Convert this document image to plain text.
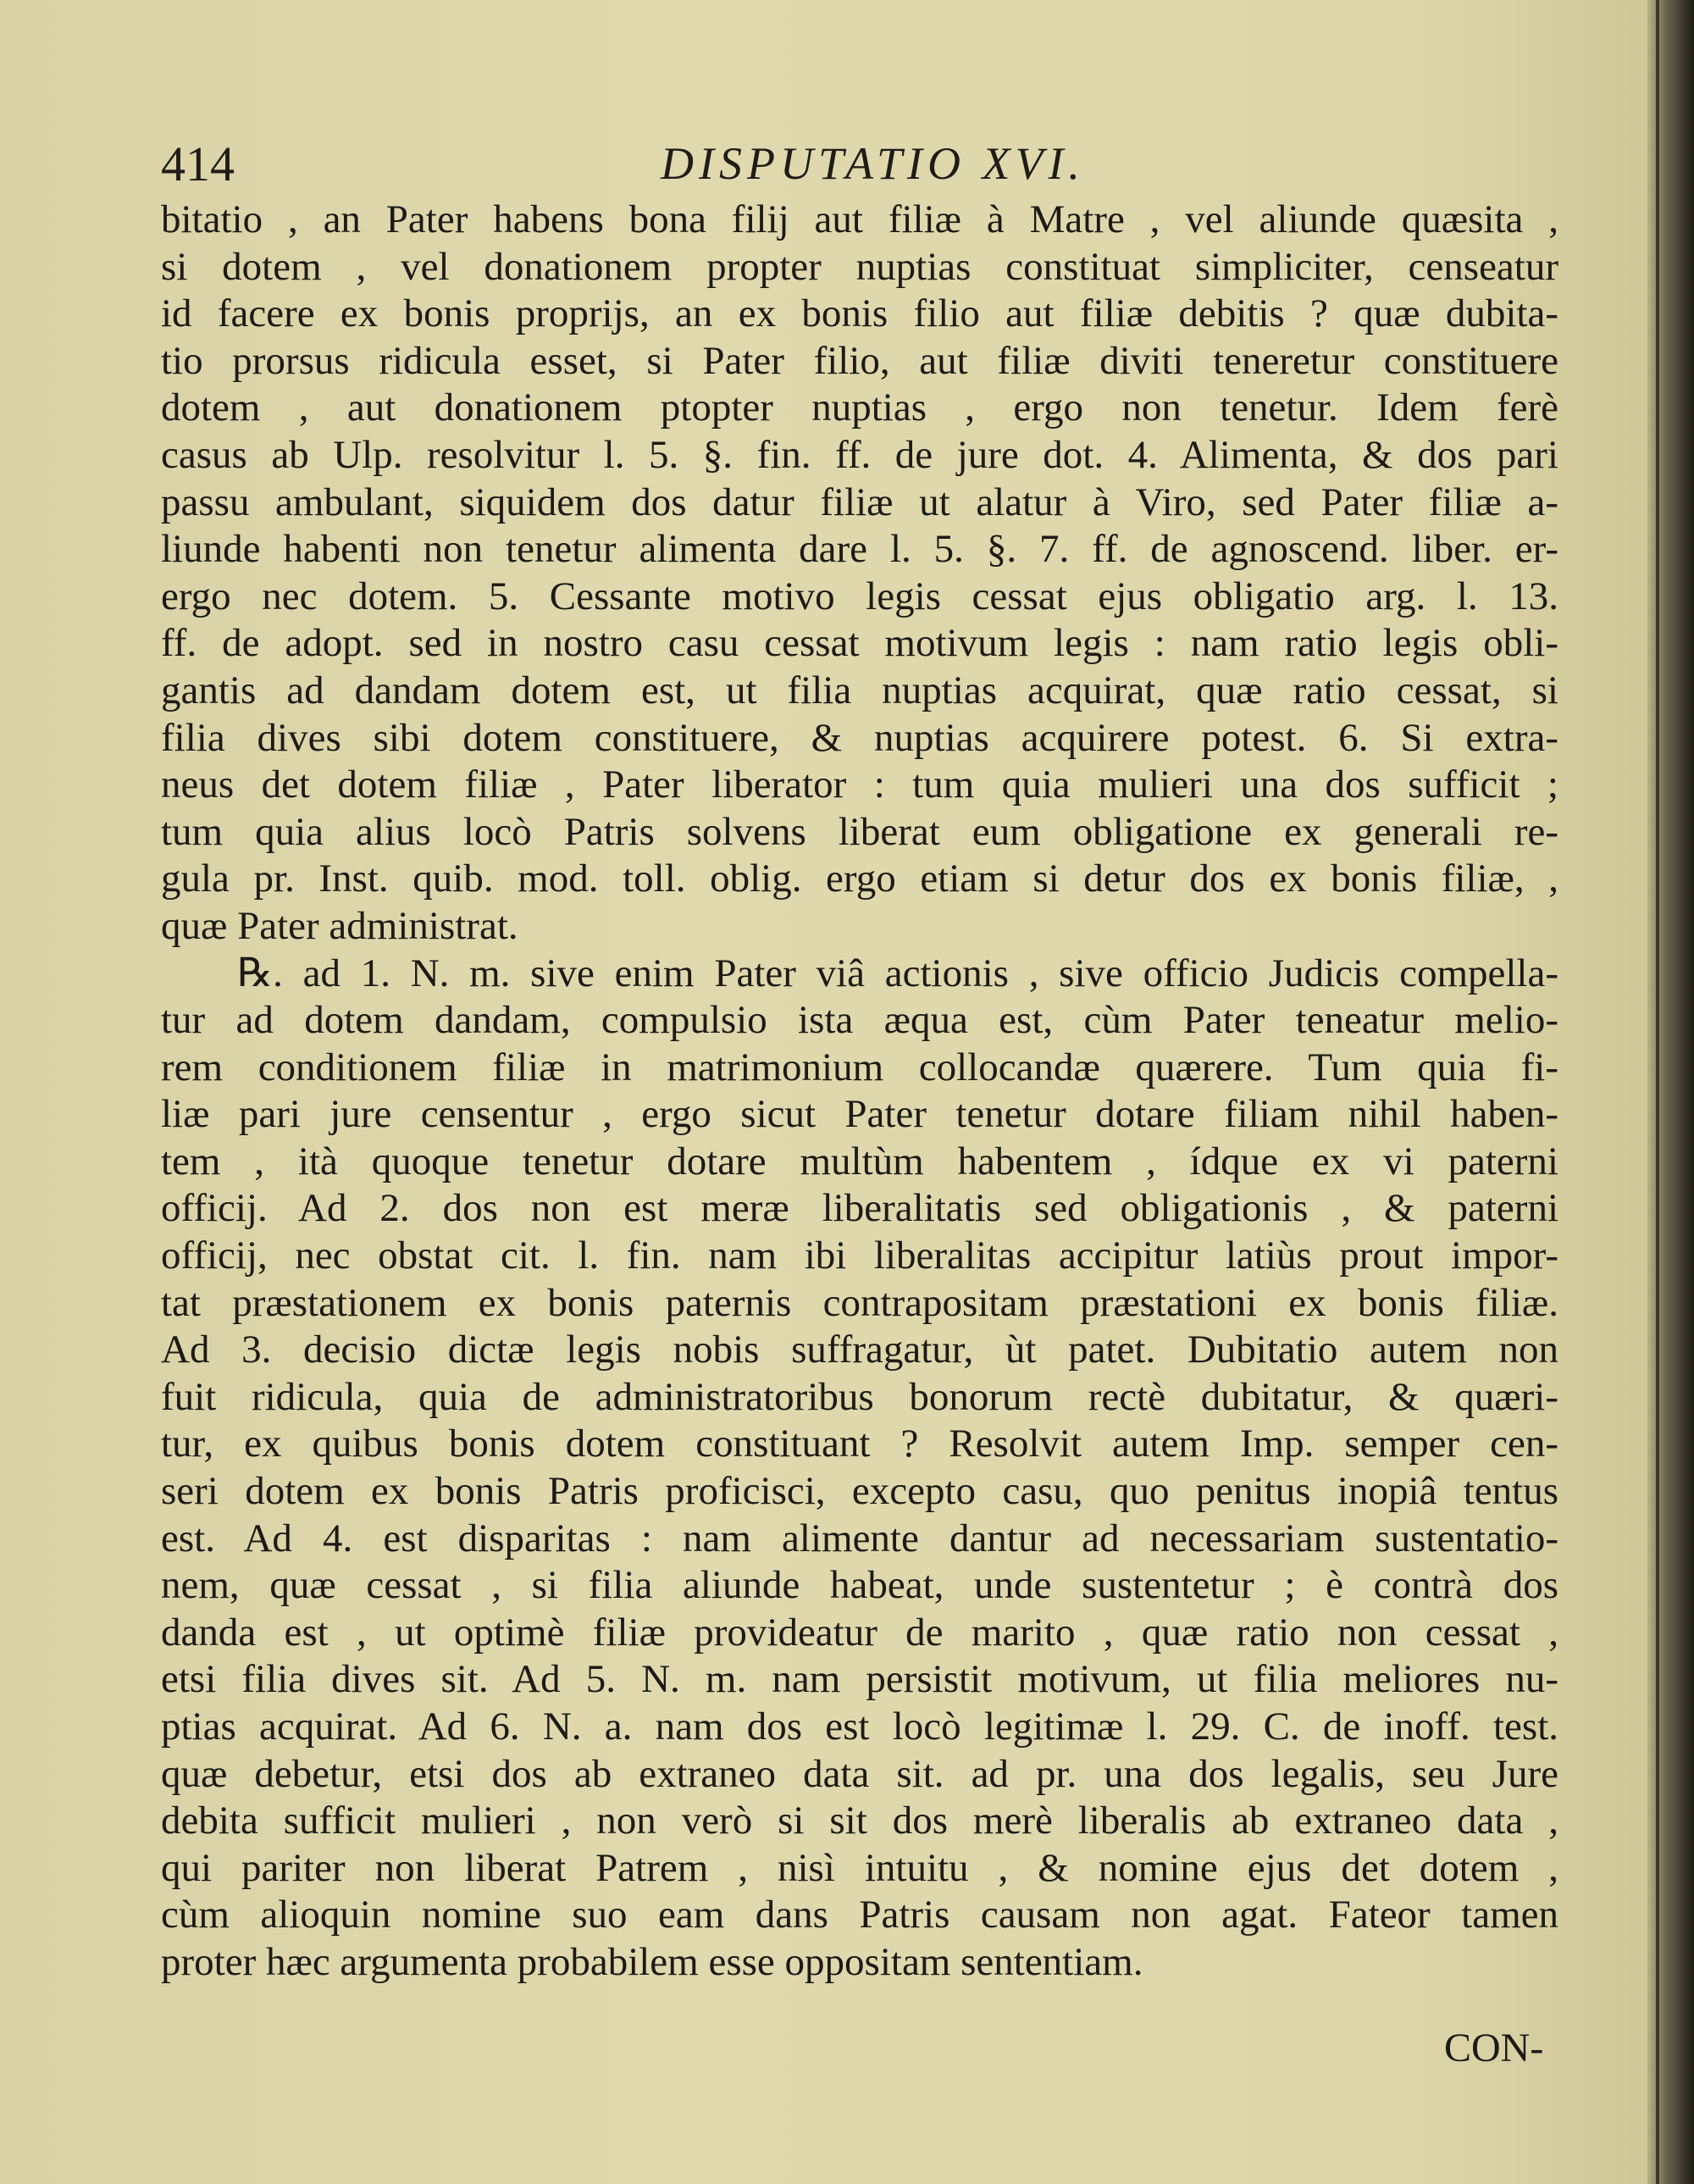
414	DISPUTATIO XVI.
bitatio , an Pater habens bona filij aut filiæ à Matre , vel aliunde quæsita ,
si dotem , vel donationem propter nuptias constituat simpliciter, censeatur
id facere ex bonis proprijs, an ex bonis filio aut filiæ debitis ? quæ dubita-
tio prorsus ridicula esset, si Pater filio, aut filiæ diviti teneretur constituere
dotem , aut donationem ptopter nuptias , ergo non tenetur. Idem ferè
casus ab Ulp. resolvitur l. 5. §. fin. ff. de jure dot. 4. Alimenta, & dos pari
passu ambulant, siquidem dos datur filiæ ut alatur à Viro, sed Pater filiæ a-
liunde habenti non tenetur alimenta dare l. 5. §. 7. ff. de agnoscend. liber. er-
ergo nec dotem. 5. Cessante motivo legis cessat ejus obligatio arg. l. 13.
ff. de adopt. sed in nostro casu cessat motivum legis : nam ratio legis obli-
gantis ad dandam dotem est, ut filia nuptias acquirat, quæ ratio cessat, si
filia dives sibi dotem constituere, & nuptias acquirere potest. 6. Si extra-
neus det dotem filiæ , Pater liberator : tum quia mulieri una dos sufficit ;
tum quia alius locò Patris solvens liberat eum obligatione ex generali re-
gula pr. Inst. quib. mod. toll. oblig. ergo etiam si detur dos ex bonis filiæ, ,
quæ Pater administrat.
℞. ad 1. N. m. sive enim Pater viâ actionis , sive officio Judicis compella-
tur ad dotem dandam, compulsio ista æqua est, cùm Pater teneatur melio-
rem conditionem filiæ in matrimonium collocandæ quærere. Tum quia fi-
liæ pari jure censentur , ergo sicut Pater tenetur dotare filiam nihil haben-
tem , ità quoque tenetur dotare multùm habentem , ídque ex vi paterni
officij. Ad 2. dos non est meræ liberalitatis sed obligationis , & paterni
officij, nec obstat cit. l. fin. nam ibi liberalitas accipitur latiùs prout impor-
tat præstationem ex bonis paternis contrapositam præstationi ex bonis filiæ.
Ad 3. decisio dictæ legis nobis suffragatur, ùt patet. Dubitatio autem non
fuit ridicula, quia de administratoribus bonorum rectè dubitatur, & quæri-
tur, ex quibus bonis dotem constituant ? Resolvit autem Imp. semper cen-
seri dotem ex bonis Patris proficisci, excepto casu, quo penitus inopiâ tentus
est. Ad 4. est disparitas : nam alimente dantur ad necessariam sustentatio-
nem, quæ cessat , si filia aliunde habeat, unde sustentetur ; è contrà dos
danda est , ut optimè filiæ provideatur de marito , quæ ratio non cessat ,
etsi filia dives sit. Ad 5. N. m. nam persistit motivum, ut filia meliores nu-
ptias acquirat. Ad 6. N. a. nam dos est locò legitimæ l. 29. C. de inoff. test.
quæ debetur, etsi dos ab extraneo data sit. ad pr. una dos legalis, seu Jure
debita sufficit mulieri , non verò si sit dos merè liberalis ab extraneo data ,
qui pariter non liberat Patrem , nisì intuitu , & nomine ejus det dotem ,
cùm alioquin nomine suo eam dans Patris causam non agat. Fateor tamen
proter hæc argumenta probabilem esse oppositam sententiam.
CON-
